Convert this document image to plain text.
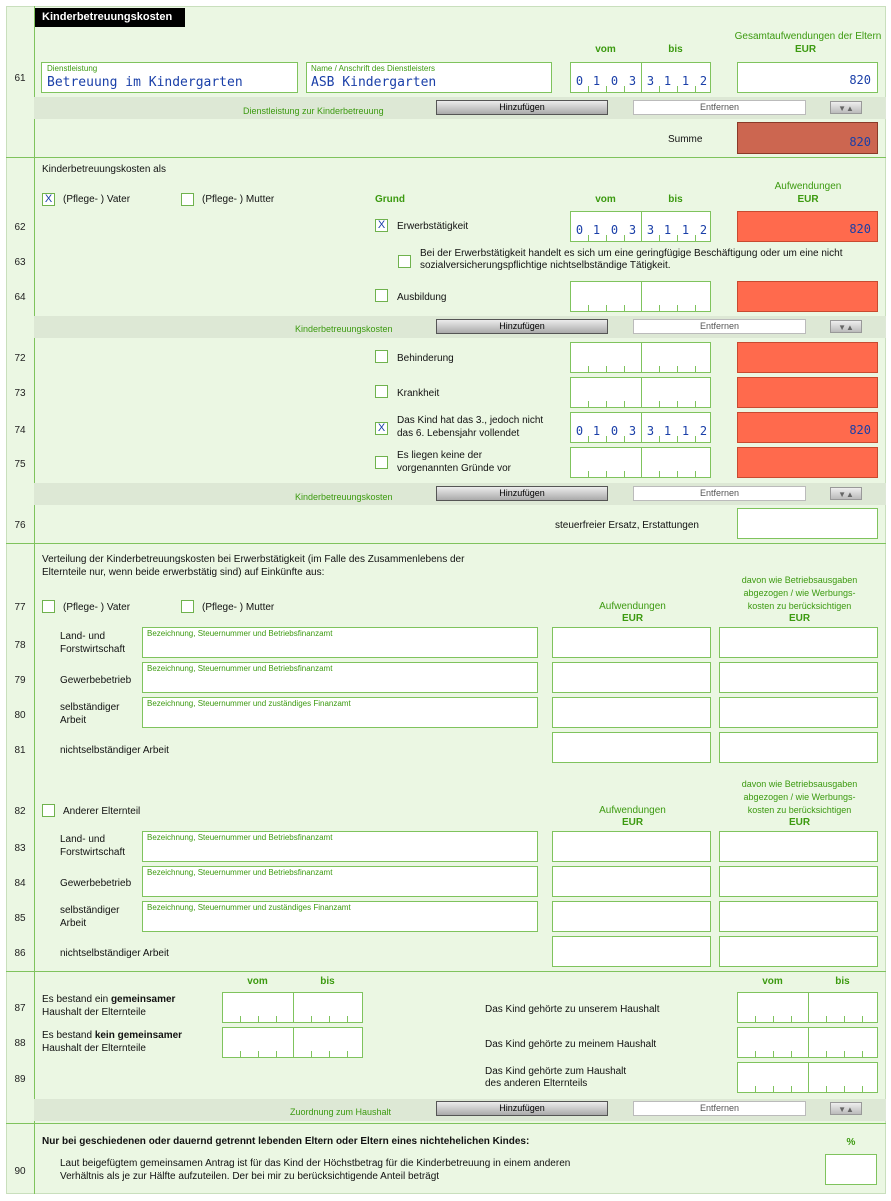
Kinderbetreuungskosten
Gesamtaufwendungen der Eltern
EUR
vom	bis
61
Dienstleistung
Betreuung im Kindergarten
Name / Anschrift des Dienstleisters
ASB Kindergarten	0 1 0 3 3 1 1 2	820
Dienstleistung zur Kinderbetreuung	Hinzufügen	Entfernen	▼▲
Summe	820
Kinderbetreuungskosten als
Aufwendungen
EUR
X (Pflege- ) Vater	(Pflege- ) Mutter	Grund	vom	bis
62	X Erwerbstätigkeit	0 1 0 3 3 1 1 2	820
63
Bei der Erwerbstätigkeit handelt es sich um eine geringfügige Beschäftigung oder um eine nicht sozialversicherungspflichtige nichtselbständige Tätigkeit.
64	Ausbildung
Kinderbetreuungskosten	Hinzufügen	Entfernen	▼▲
72	Behinderung
73	Krankheit
74	X
Das Kind hat das 3., jedoch nicht
das 6. Lebensjahr vollendet	0 1 0 3 3 1 1 2	820
75
Es liegen keine der
vorgenannten Gründe vor
Kinderbetreuungskosten	Hinzufügen	Entfernen	▼▲
76	steuerfreier Ersatz, Erstattungen
Verteilung der Kinderbetreuungskosten bei Erwerbstätigkeit (im Falle des Zusammenlebens der
Elternteile nur, wenn beide erwerbstätig sind) auf Einkünfte aus:
davon wie Betriebsausgaben
abgezogen / wie Werbungs-
kosten zu berücksichtigen
EUR
Aufwendungen
EUR
77	(Pflege- ) Vater	(Pflege- ) Mutter
78
Land- und
Forstwirtschaft
Bezeichnung, Steuernummer und Betriebsfinanzamt
79	Gewerbebetrieb
Bezeichnung, Steuernummer und Betriebsfinanzamt
80
selbständiger
Arbeit
Bezeichnung, Steuernummer und zuständiges Finanzamt
81	nichtselbständiger Arbeit
davon wie Betriebsausgaben
abgezogen / wie Werbungs-
kosten zu berücksichtigen
EUR
Aufwendungen
EUR
82	Anderer Elternteil
83
Land- und
Forstwirtschaft
Bezeichnung, Steuernummer und Betriebsfinanzamt
84	Gewerbebetrieb
Bezeichnung, Steuernummer und Betriebsfinanzamt
85
selbständiger
Arbeit
Bezeichnung, Steuernummer und zuständiges Finanzamt
86	nichtselbständiger Arbeit
vom	bis	vom	bis
87
Es bestand ein gemeinsamer
Haushalt der Elternteile	Das Kind gehörte zu unserem Haushalt
88
Es bestand kein gemeinsamer
Haushalt der Elternteile	Das Kind gehörte zu meinem Haushalt
89
Das Kind gehörte zum Haushalt
des anderen Elternteils
Zuordnung zum Haushalt	Hinzufügen	Entfernen	▼▲
Nur bei geschiedenen oder dauernd getrennt lebenden Eltern oder Eltern eines nichtehelichen Kindes:	%
90
Laut beigefügtem gemeinsamen Antrag ist für das Kind der Höchstbetrag für die Kinderbetreuung in einem anderen
Verhältnis als je zur Hälfte aufzuteilen. Der bei mir zu berücksichtigende Anteil beträgt
